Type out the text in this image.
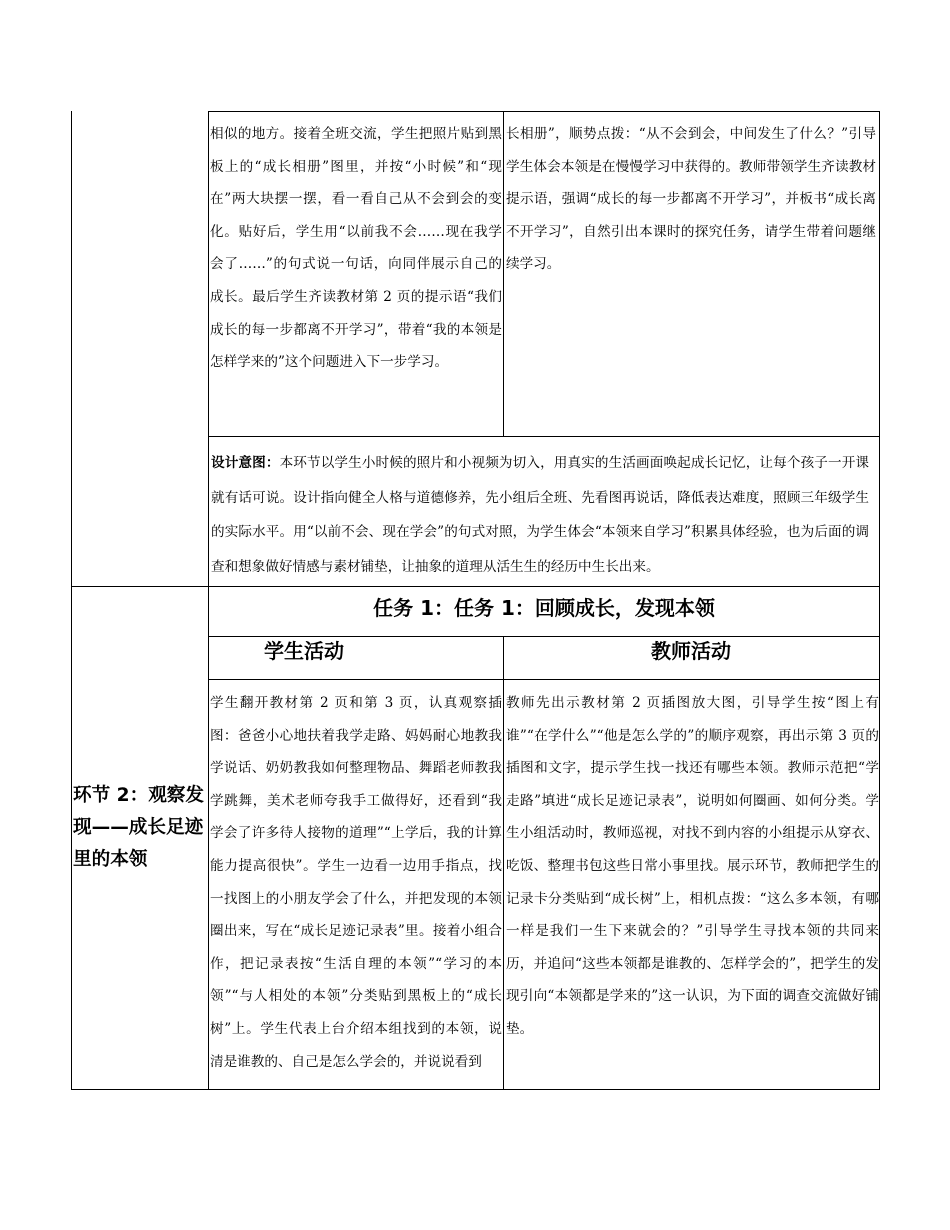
相似的地方。接着全班交流，学生把照片贴到黑板上的“成长相册”图里，并按“小时候”和“现在”两大块摆一摆，看一看自己从不会到会的变化。贴好后，学生用“以前我不会……现在我学会了……”的句式说一句话，向同伴展示自己的成长。最后学生齐读教材第 2 页的提示语“我们成长的每一步都离不开学习”，带着“我的本领是怎样学来的”这个问题进入下一步学习。

长相册”，顺势点拨：“从不会到会，中间发生了什么？”引导学生体会本领是在慢慢学习中获得的。教师带领学生齐读教材提示语，强调“成长的每一步都离不开学习”，并板书“成长离不开学习”，自然引出本课时的探究任务，请学生带着问题继续学习。

设计意图：本环节以学生小时候的照片和小视频为切入，用真实的生活画面唤起成长记忆，让每个孩子一开课就有话可说。设计指向健全人格与道德修养，先小组后全班、先看图再说话，降低表达难度，照顾三年级学生的实际水平。用“以前不会、现在学会”的句式对照，为学生体会“本领来自学习”积累具体经验，也为后面的调查和想象做好情感与素材铺垫，让抽象的道理从活生生的经历中生长出来。

环节 2：观察发现——成长足迹里的本领
任务 1：任务 1：回顾成长，发现本领
学生活动	教师活动

学生翻开教材第 2 页和第 3 页，认真观察插图：爸爸小心地扶着我学走路、妈妈耐心地教我学说话、奶奶教我如何整理物品、舞蹈老师教我学跳舞，美术老师夸我手工做得好，还看到“我学会了许多待人接物的道理”“上学后，我的计算能力提高很快”。学生一边看一边用手指点，找一找图上的小朋友学会了什么，并把发现的本领圈出来，写在“成长足迹记录表”里。接着小组合作，把记录表按“生活自理的本领”“学习的本领”“与人相处的本领”分类贴到黑板上的“成长树”上。学生代表上台介绍本组找到的本领，说清是谁教的、自己是怎么学会的，并说说看到

教师先出示教材第 2 页插图放大图，引导学生按“图上有谁”“在学什么”“他是怎么学的”的顺序观察，再出示第 3 页的插图和文字，提示学生找一找还有哪些本领。教师示范把“学走路”填进“成长足迹记录表”，说明如何圈画、如何分类。学生小组活动时，教师巡视，对找不到内容的小组提示从穿衣、吃饭、整理书包这些日常小事里找。展示环节，教师把学生的记录卡分类贴到“成长树”上，相机点拨：“这么多本领，有哪一样是我们一生下来就会的？”引导学生寻找本领的共同来历，并追问“这些本领都是谁教的、怎样学会的”，把学生的发现引向“本领都是学来的”这一认识，为下面的调查交流做好铺垫。
